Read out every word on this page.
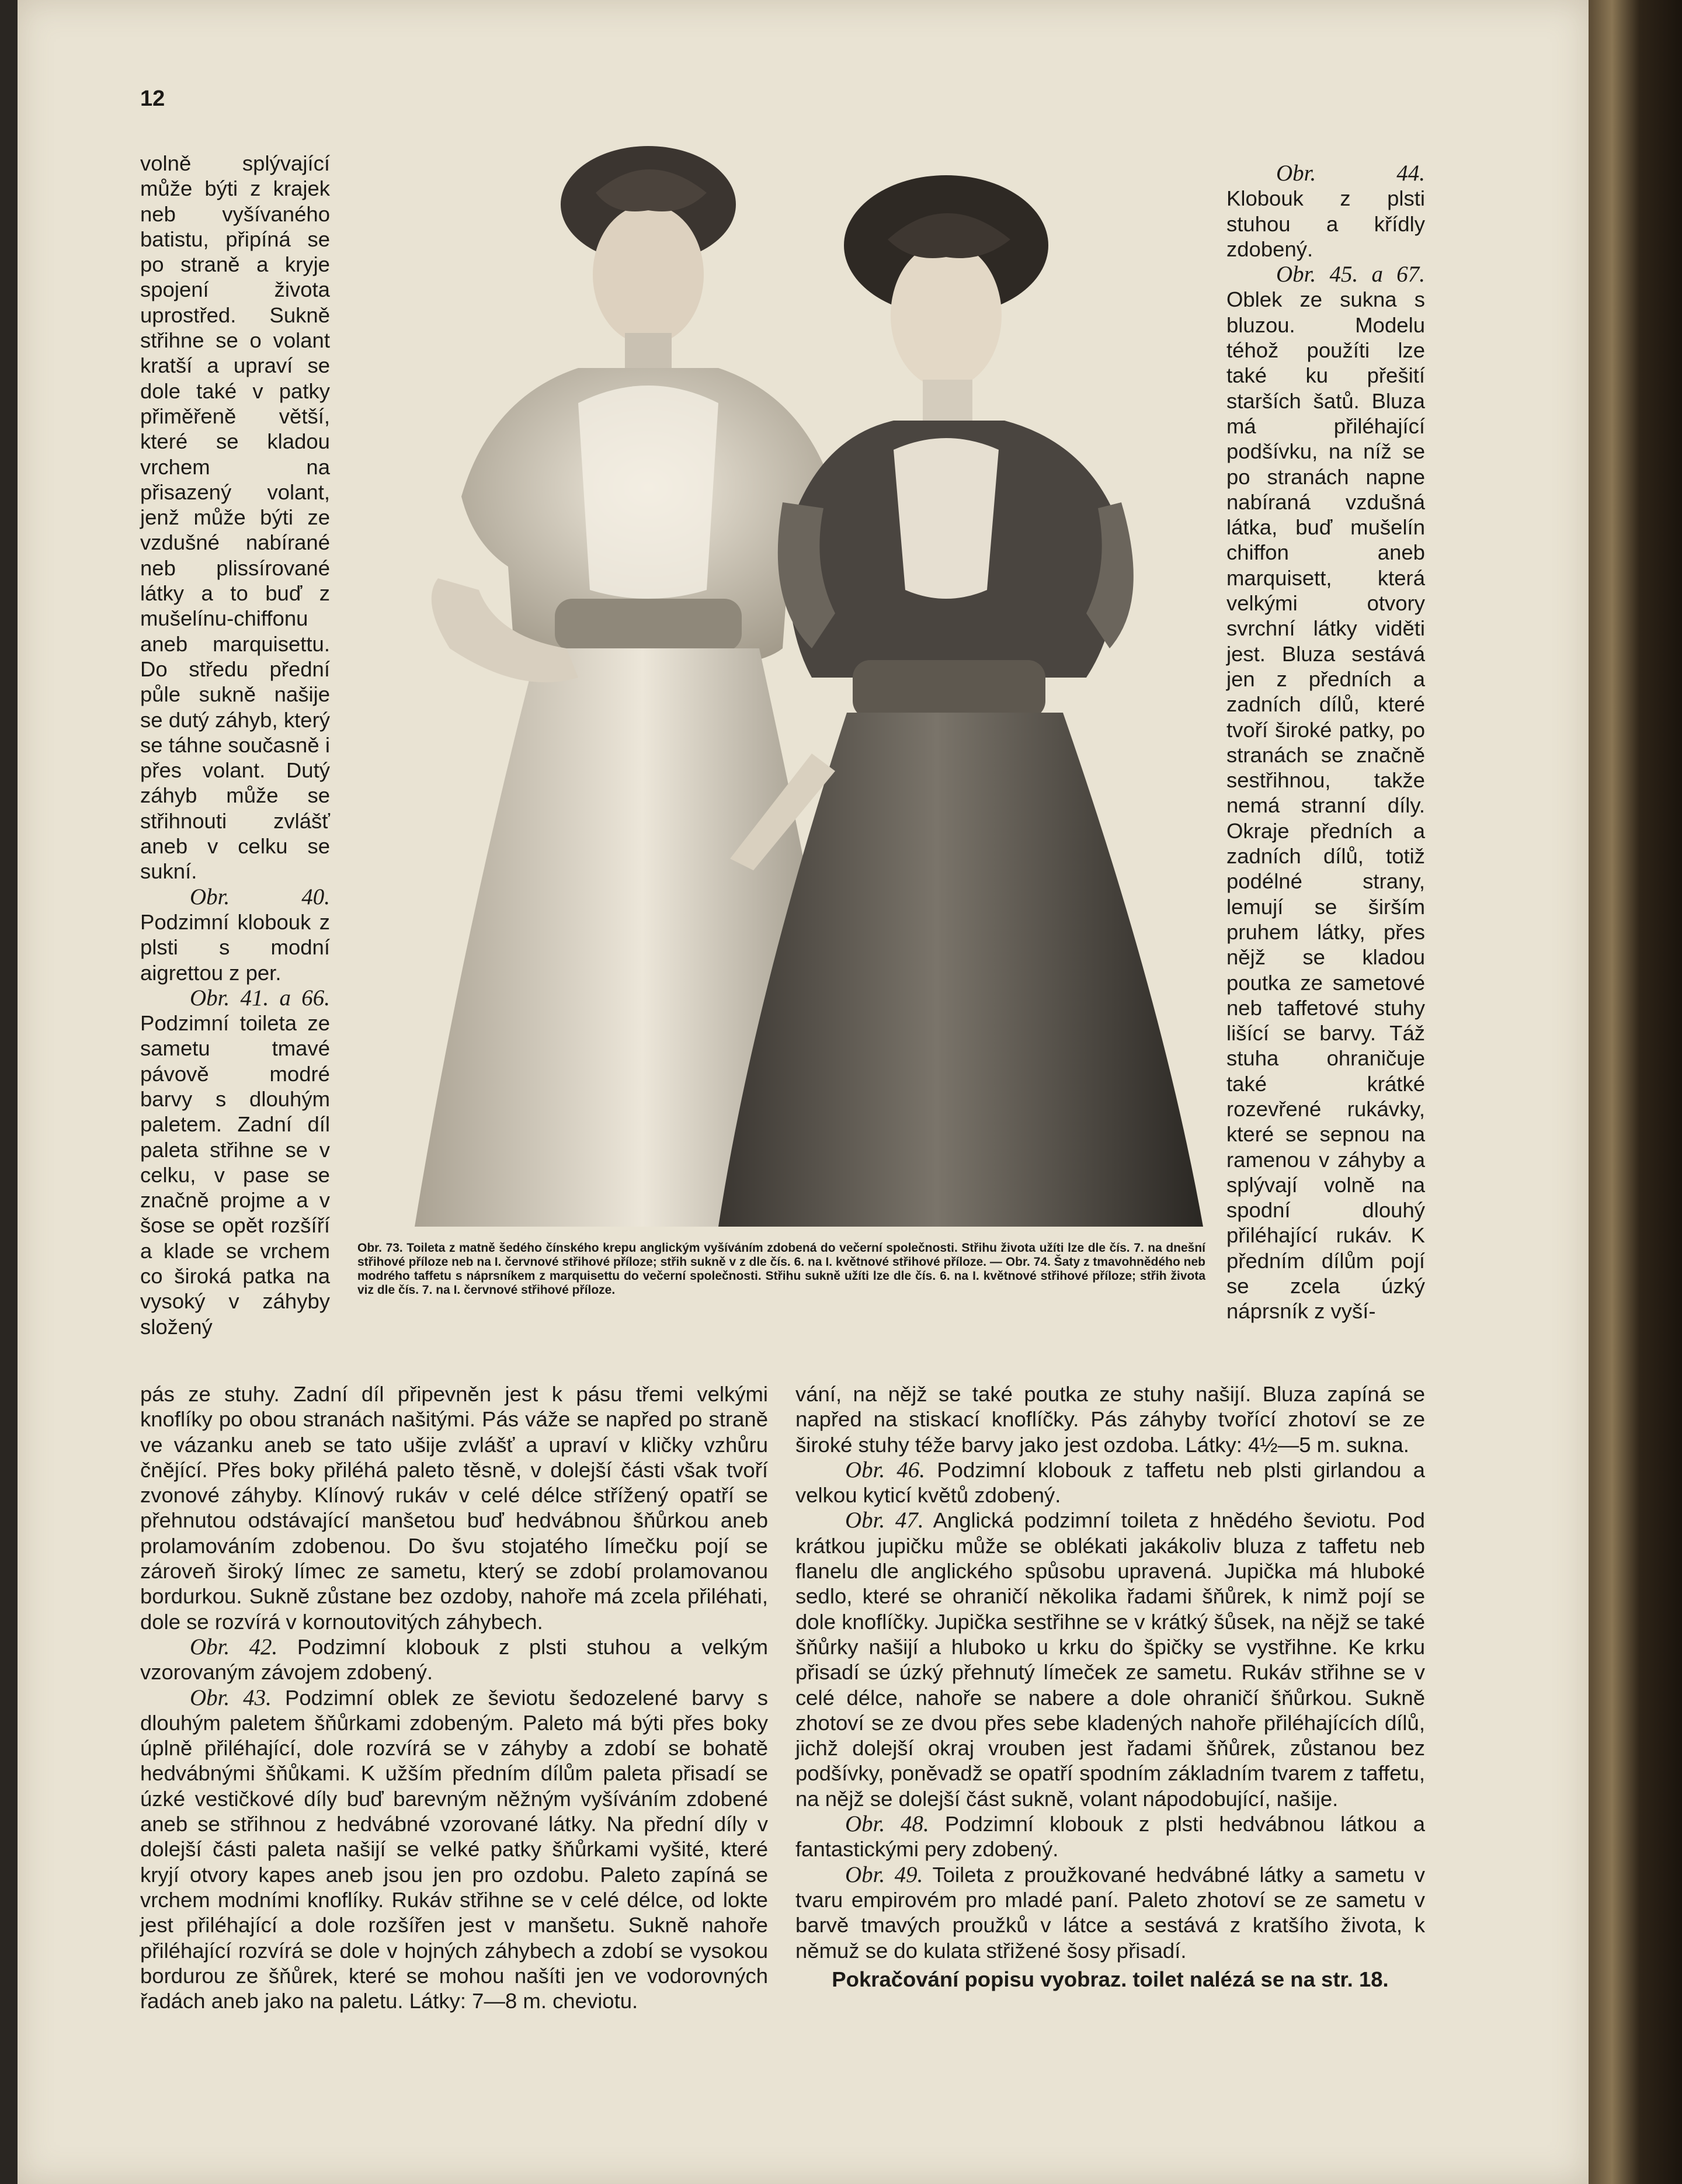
12

volně splývající může býti z krajek neb vyšívaného batistu, připíná se po straně a kryje spojení života uprostřed. Sukně střihne se o volant kratší a upraví se dole také v patky přiměřeně větší, které se kladou vrchem na přisazený volant, jenž může býti ze vzdušné nabírané neb plissírované látky a to buď z mušelínu-chiffonu aneb marquisettu. Do středu přední půle sukně našije se dutý záhyb, který se táhne současně i přes volant. Dutý záhyb může se střihnouti zvlášť aneb v celku se sukní.

Obr. 40. Podzimní klobouk z plsti s modní aigrettou z per.

Obr. 41. a 66. Podzimní toileta ze sametu tmavé pávově modré barvy s dlouhým paletem. Zadní díl paleta střihne se v celku, v pase se značně projme a v šose se opět rozšíří a klade se vrchem co široká patka na vysoký v záhyby složený

Obr. 73. Toileta z matně šedého čínského krepu anglickým vyšíváním zdobená do večerní společnosti. Střihu života užíti lze dle čís. 7. na dnešní střihové příloze neb na I. červnové střihové příloze; střih sukně v z dle čís. 6. na I. květnové střihové příloze. — Obr. 74. Šaty z tmavohnědého neb modrého taffetu s náprsníkem z marquisettu do večerní společnosti. Střihu sukně užíti lze dle čís. 6. na I. květnové střihové příloze; střih života viz dle čís. 7. na I. červnové střihové příloze.

Obr. 44. Klobouk z plsti stuhou a křídly zdobený.

Obr. 45. a 67. Oblek ze sukna s bluzou. Modelu téhož použíti lze také ku přešití starších šatů. Bluza má přiléhající podšívku, na níž se po stranách napne nabíraná vzdušná látka, buď mušelín chiffon aneb marquisett, která velkými otvory svrchní látky viděti jest. Bluza sestává jen z předních a zadních dílů, které tvoří široké patky, po stranách se značně sestřihnou, takže nemá stranní díly. Okraje předních a zadních dílů, totiž podélné strany, lemují se širším pruhem látky, přes nějž se kladou poutka ze sametové neb taffetové stuhy lišící se barvy. Táž stuha ohraničuje také krátké rozevřené rukávky, které se sepnou na ramenou v záhyby a splývají volně na spodní dlouhý přiléhající rukáv. K předním dílům pojí se zcela úzký náprsník z vyší-

pás ze stuhy. Zadní díl připevněn jest k pásu třemi velkými knoflíky po obou stranách našitými. Pás váže se napřed po straně ve vázanku aneb se tato ušije zvlášť a upraví v kličky vzhůru čnějící. Přes boky přiléhá paleto těsně, v dolejší části však tvoří zvonové záhyby. Klínový rukáv v celé délce střížený opatří se přehnutou odstávající manšetou buď hedvábnou šňůrkou aneb prolamováním zdobenou. Do švu stojatého límečku pojí se zároveň široký límec ze sametu, který se zdobí prolamovanou bordurkou. Sukně zůstane bez ozdoby, nahoře má zcela přiléhati, dole se rozvírá v kornoutovitých záhybech.

Obr. 42. Podzimní klobouk z plsti stuhou a velkým vzorovaným závojem zdobený.

Obr. 43. Podzimní oblek ze ševiotu šedozelené barvy s dlouhým paletem šňůrkami zdobeným. Paleto má býti přes boky úplně přiléhající, dole rozvírá se v záhyby a zdobí se bohatě hedvábnými šňůkami. K užším předním dílům paleta přisadí se úzké vestičkové díly buď barevným něžným vyšíváním zdobené aneb se střihnou z hedvábné vzorované látky. Na přední díly v dolejší části paleta našijí se velké patky šňůrkami vyšité, které kryjí otvory kapes aneb jsou jen pro ozdobu. Paleto zapíná se vrchem modními knoflíky. Rukáv střihne se v celé délce, od lokte jest přiléhající a dole rozšířen jest v manšetu. Sukně nahoře přiléhající rozvírá se dole v hojných záhybech a zdobí se vysokou bordurou ze šňůrek, které se mohou našíti jen ve vodorovných řadách aneb jako na paletu. Látky: 7—8 m. cheviotu.

vání, na nějž se také poutka ze stuhy našijí. Bluza zapíná se napřed na stiskací knoflíčky. Pás záhyby tvořící zhotoví se ze široké stuhy téže barvy jako jest ozdoba. Látky: 4½—5 m. sukna.

Obr. 46. Podzimní klobouk z taffetu neb plsti girlandou a velkou kyticí květů zdobený.

Obr. 47. Anglická podzimní toileta z hnědého ševiotu. Pod krátkou jupičku může se oblékati jakákoliv bluza z taffetu neb flanelu dle anglického spůsobu upravená. Jupička má hluboké sedlo, které se ohraničí několika řadami šňůrek, k nimž pojí se dole knoflíčky. Jupička sestřihne se v krátký šůsek, na nějž se také šňůrky našijí a hluboko u krku do špičky se vystřihne. Ke krku přisadí se úzký přehnutý límeček ze sametu. Rukáv střihne se v celé délce, nahoře se nabere a dole ohraničí šňůrkou. Sukně zhotoví se ze dvou přes sebe kladených nahoře přiléhajících dílů, jichž dolejší okraj vrouben jest řadami šňůrek, zůstanou bez podšívky, poněvadž se opatří spodním základním tvarem z taffetu, na nějž se dolejší část sukně, volant nápodobující, našije.

Obr. 48. Podzimní klobouk z plsti hedvábnou látkou a fantastickými pery zdobený.

Obr. 49. Toileta z proužkované hedvábné látky a sametu v tvaru empirovém pro mladé paní. Paleto zhotoví se ze sametu v barvě tmavých proužků v látce a sestává z kratšího života, k němuž se do kulata střižené šosy přisadí.

Pokračování popisu vyobraz. toilet nalézá se na str. 18.
